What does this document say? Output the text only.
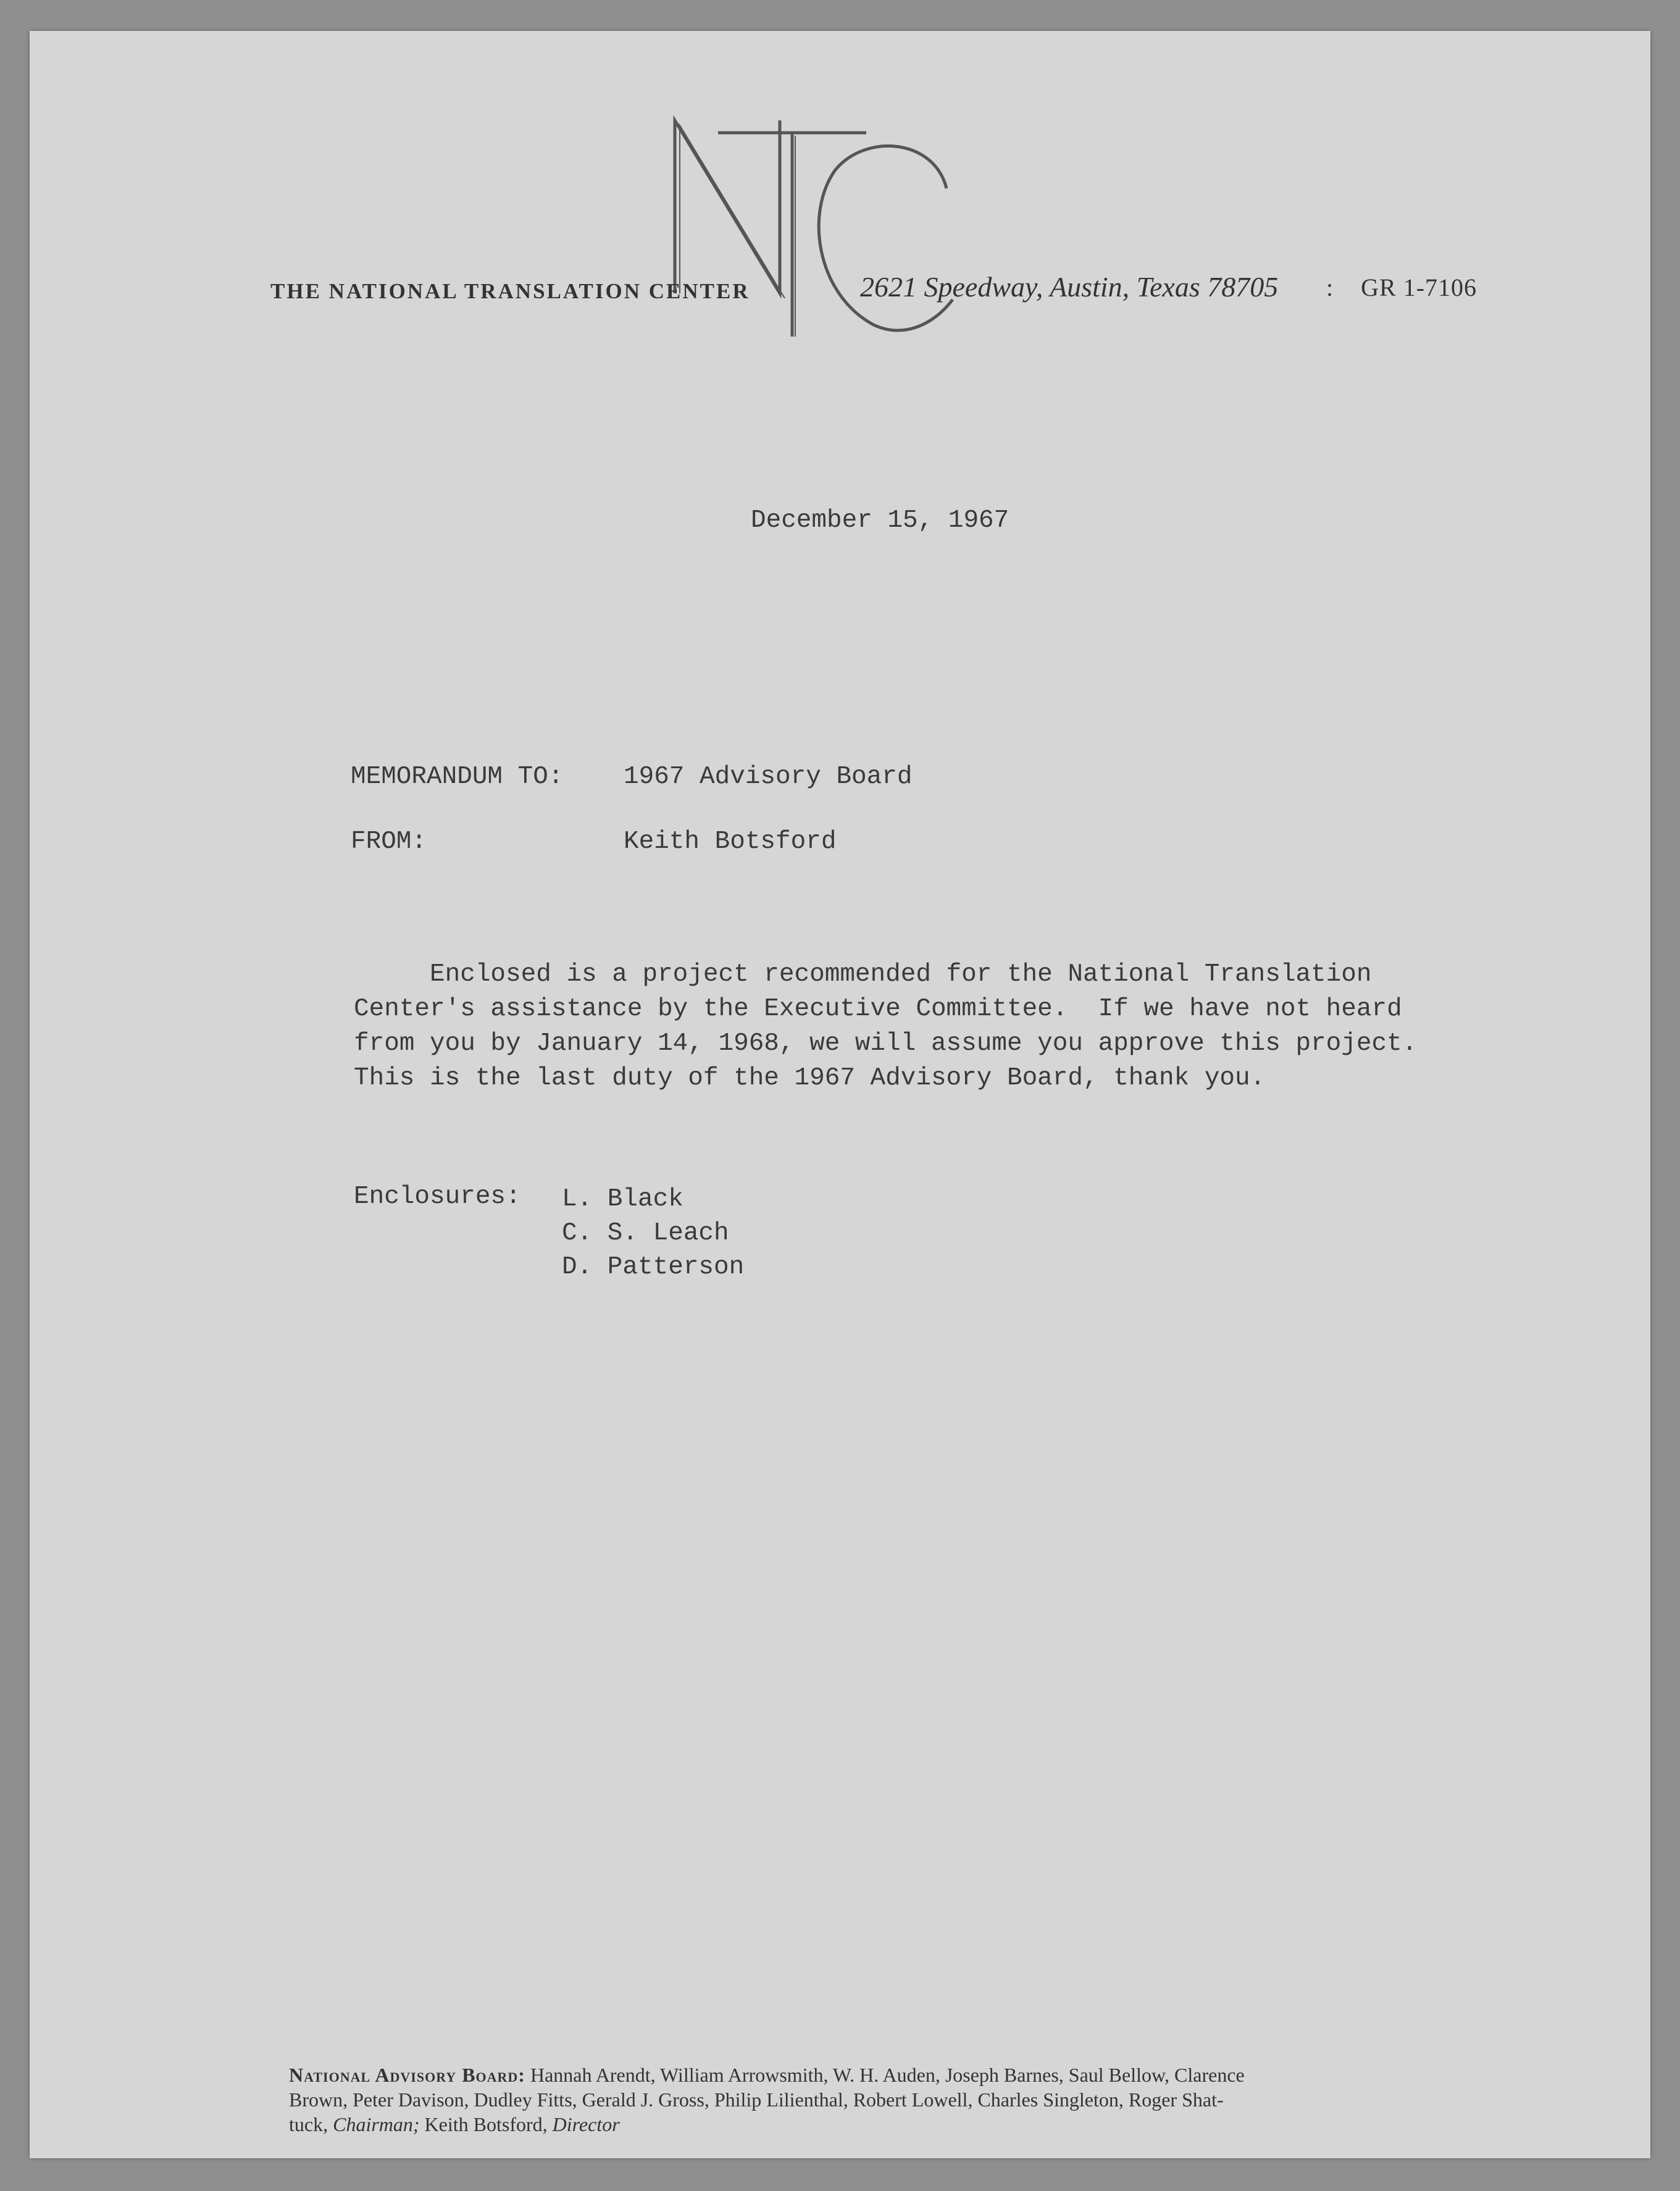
THE NATIONAL TRANSLATION CENTER	2621 Speedway, Austin, Texas 78705 : GR 1-7106
December 15, 1967
MEMORANDUM TO: 1967 Advisory Board
FROM:	Keith Botsford
Enclosed is a project recommended for the National Translation
Center's assistance by the Executive Committee.  If we have not heard
from you by January 14, 1968, we will assume you approve this project.
This is the last duty of the 1967 Advisory Board, thank you.
Enclosures: L. Black
C. S. Leach
D. Patterson
National Advisory Board: Hannah Arendt, William Arrowsmith, W. H. Auden, Joseph Barnes, Saul Bellow, Clarence
Brown, Peter Davison, Dudley Fitts, Gerald J. Gross, Philip Lilienthal, Robert Lowell, Charles Singleton, Roger Shat-
tuck, Chairman; Keith Botsford, Director
